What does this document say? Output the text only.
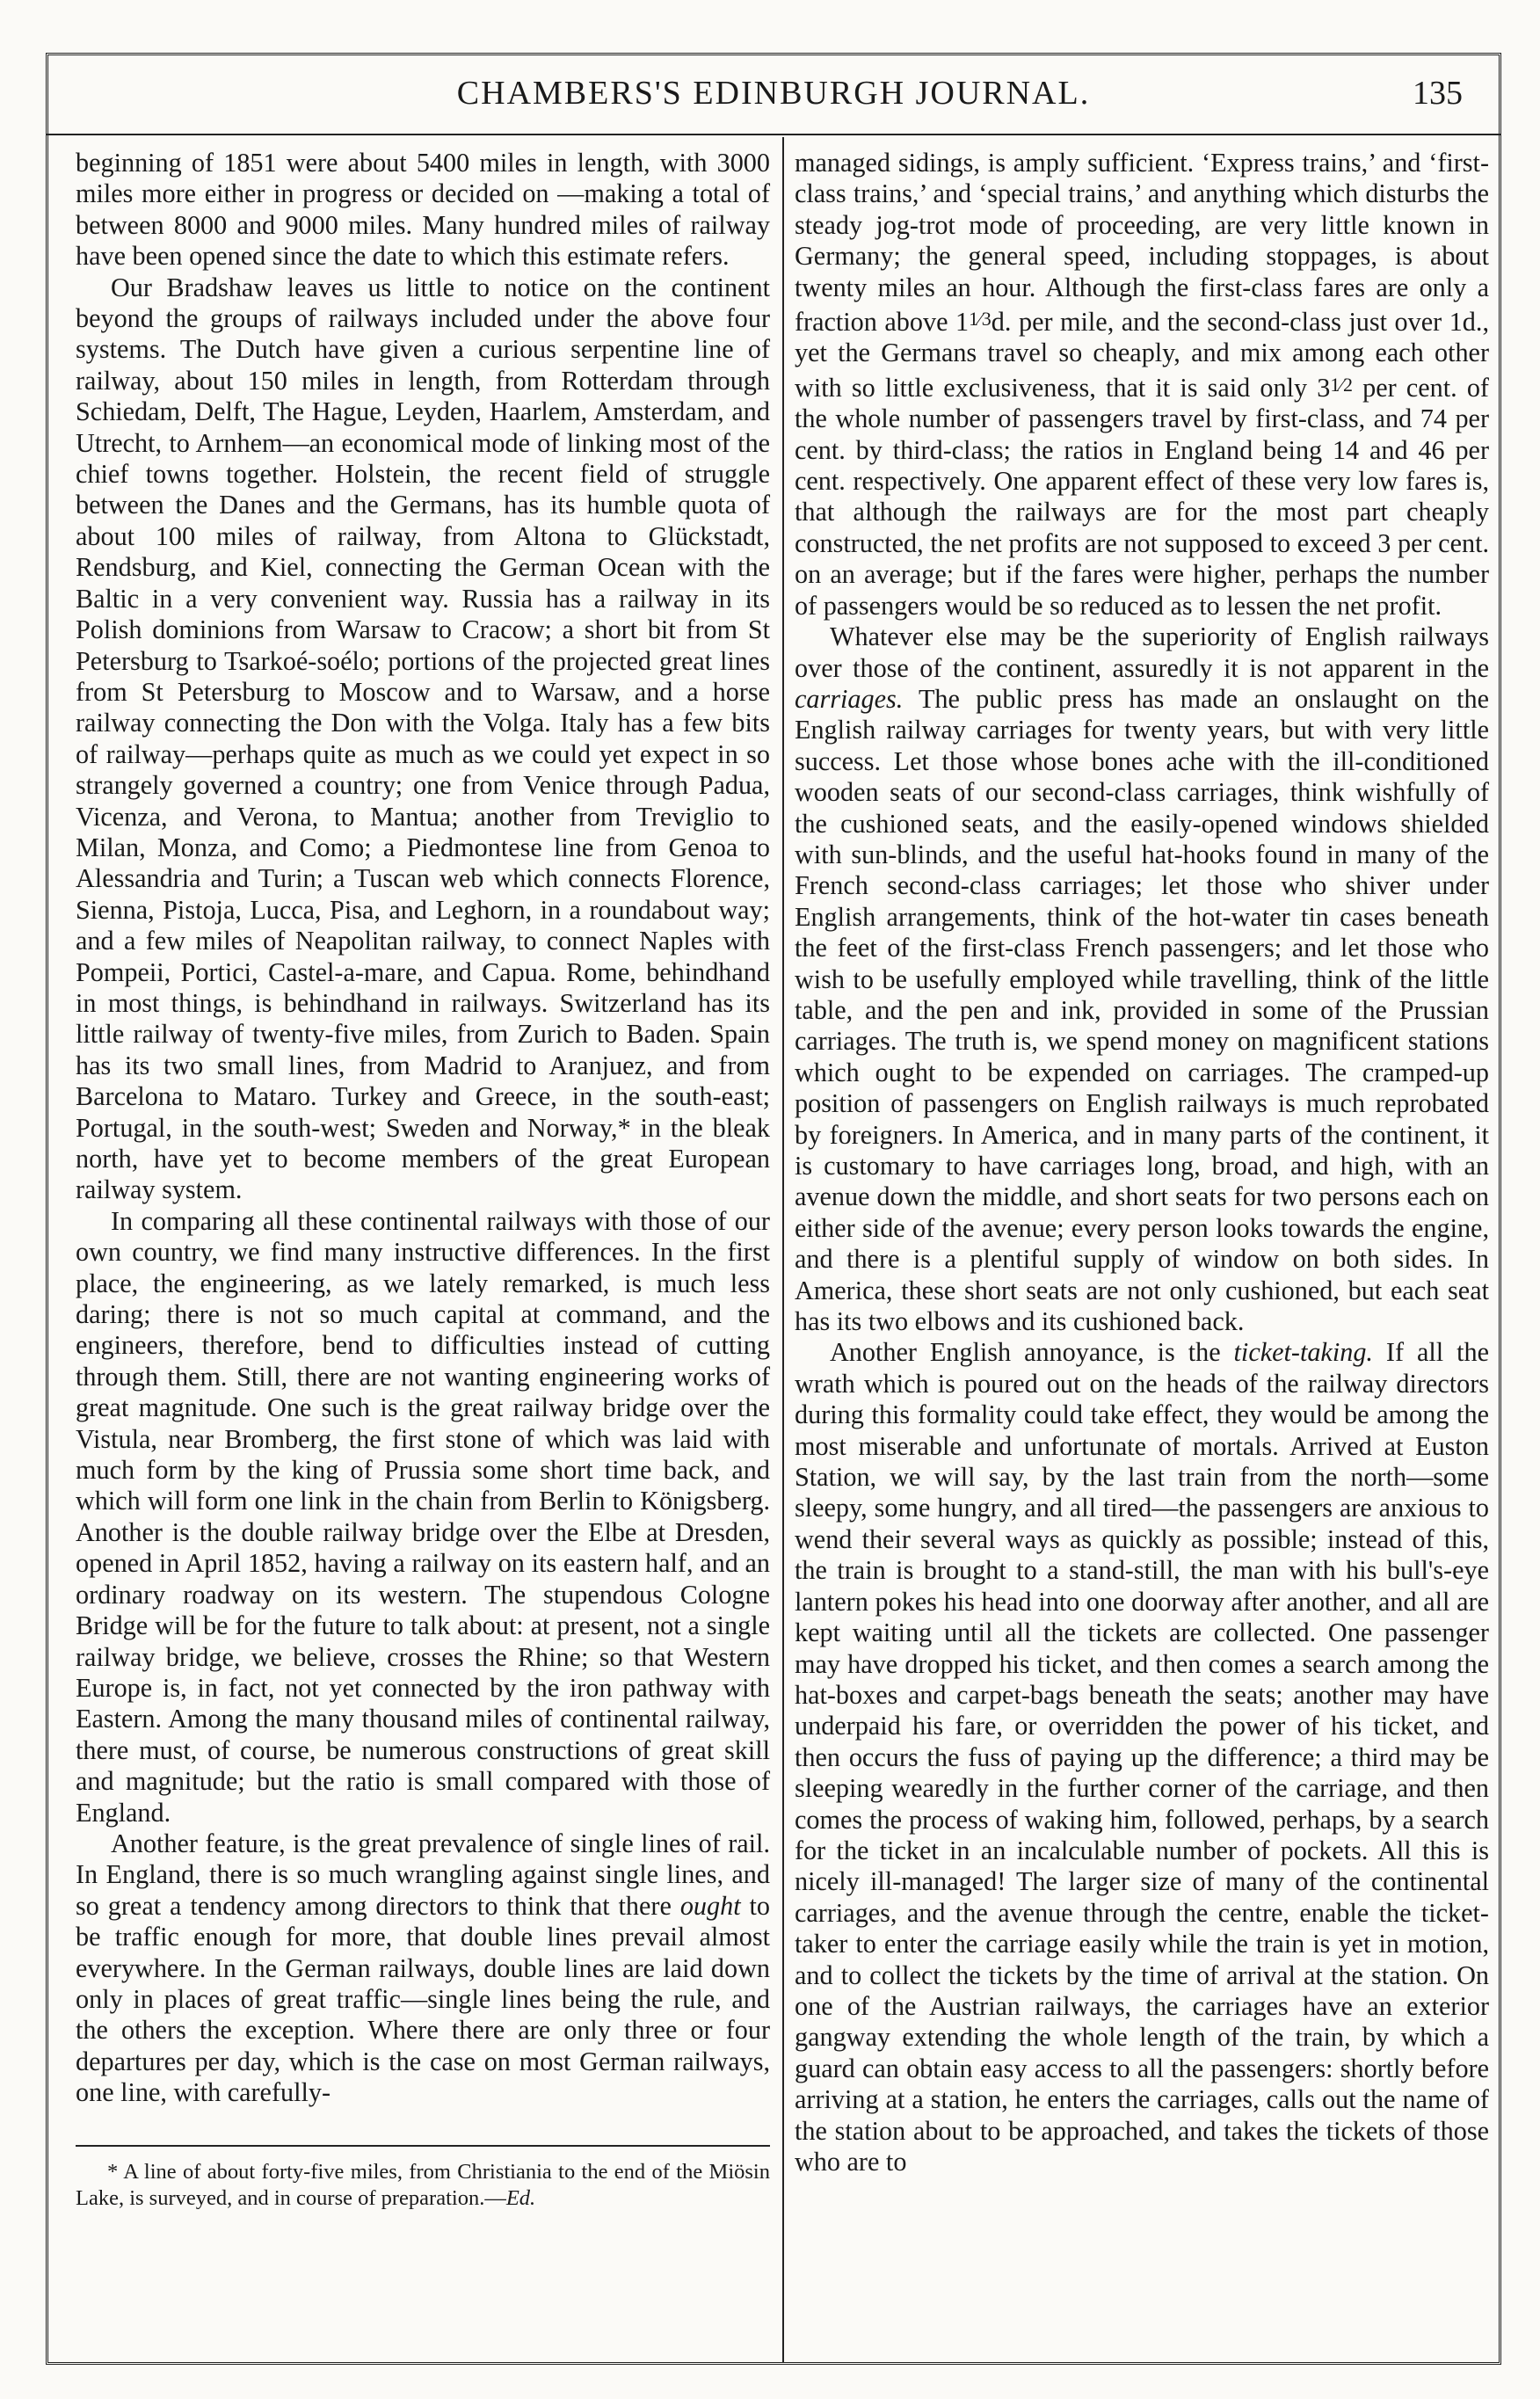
CHAMBERS'S EDINBURGH JOURNAL.	135

beginning of 1851 were about 5400 miles in length, with 3000 miles more either in progress or decided on —making a total of between 8000 and 9000 miles. Many hundred miles of railway have been opened since the date to which this estimate refers.

Our Bradshaw leaves us little to notice on the continent beyond the groups of railways included under the above four systems. The Dutch have given a curious serpentine line of railway, about 150 miles in length, from Rotterdam through Schiedam, Delft, The Hague, Leyden, Haarlem, Amsterdam, and Utrecht, to Arnhem—an economical mode of linking most of the chief towns together. Holstein, the recent field of struggle between the Danes and the Germans, has its humble quota of about 100 miles of railway, from Altona to Glückstadt, Rendsburg, and Kiel, connecting the German Ocean with the Baltic in a very convenient way. Russia has a railway in its Polish dominions from Warsaw to Cracow; a short bit from St Petersburg to Tsarkoé-soélo; portions of the projected great lines from St Petersburg to Moscow and to Warsaw, and a horse railway connecting the Don with the Volga. Italy has a few bits of railway—perhaps quite as much as we could yet expect in so strangely governed a country; one from Venice through Padua, Vicenza, and Verona, to Mantua; another from Treviglio to Milan, Monza, and Como; a Piedmontese line from Genoa to Alessandria and Turin; a Tuscan web which connects Florence, Sienna, Pistoja, Lucca, Pisa, and Leghorn, in a roundabout way; and a few miles of Neapolitan railway, to connect Naples with Pompeii, Portici, Castel-a-mare, and Capua. Rome, behindhand in most things, is behindhand in railways. Switzerland has its little railway of twenty-five miles, from Zurich to Baden. Spain has its two small lines, from Madrid to Aranjuez, and from Barcelona to Mataro. Turkey and Greece, in the south-east; Portugal, in the south-west; Sweden and Norway,* in the bleak north, have yet to become members of the great European railway system.

In comparing all these continental railways with those of our own country, we find many instructive differences. In the first place, the engineering, as we lately remarked, is much less daring; there is not so much capital at command, and the engineers, therefore, bend to difficulties instead of cutting through them. Still, there are not wanting engineering works of great magnitude. One such is the great railway bridge over the Vistula, near Bromberg, the first stone of which was laid with much form by the king of Prussia some short time back, and which will form one link in the chain from Berlin to Königsberg. Another is the double railway bridge over the Elbe at Dresden, opened in April 1852, having a railway on its eastern half, and an ordinary roadway on its western. The stupendous Cologne Bridge will be for the future to talk about: at present, not a single railway bridge, we believe, crosses the Rhine; so that Western Europe is, in fact, not yet connected by the iron pathway with Eastern. Among the many thousand miles of continental railway, there must, of course, be numerous constructions of great skill and magnitude; but the ratio is small compared with those of England.

Another feature, is the great prevalence of single lines of rail. In England, there is so much wrangling against single lines, and so great a tendency among directors to think that there ought to be traffic enough for more, that double lines prevail almost everywhere. In the German railways, double lines are laid down only in places of great traffic—single lines being the rule, and the others the exception. Where there are only three or four departures per day, which is the case on most German railways, one line, with carefully-

* A line of about forty-five miles, from Christiania to the end of the Miösin Lake, is surveyed, and in course of preparation.—Ed.

managed sidings, is amply sufficient. ‘Express trains,’ and ‘first-class trains,’ and ‘special trains,’ and anything which disturbs the steady jog-trot mode of proceeding, are very little known in Germany; the general speed, including stoppages, is about twenty miles an hour. Although the first-class fares are only a fraction above 11⁄3d. per mile, and the second-class just over 1d., yet the Germans travel so cheaply, and mix among each other with so little exclusiveness, that it is said only 31⁄2 per cent. of the whole number of passengers travel by first-class, and 74 per cent. by third-class; the ratios in England being 14 and 46 per cent. respectively. One apparent effect of these very low fares is, that although the railways are for the most part cheaply constructed, the net profits are not supposed to exceed 3 per cent. on an average; but if the fares were higher, perhaps the number of passengers would be so reduced as to lessen the net profit.

Whatever else may be the superiority of English railways over those of the continent, assuredly it is not apparent in the carriages. The public press has made an onslaught on the English railway carriages for twenty years, but with very little success. Let those whose bones ache with the ill-conditioned wooden seats of our second-class carriages, think wishfully of the cushioned seats, and the easily-opened windows shielded with sun-blinds, and the useful hat-hooks found in many of the French second-class carriages; let those who shiver under English arrangements, think of the hot-water tin cases beneath the feet of the first-class French passengers; and let those who wish to be usefully employed while travelling, think of the little table, and the pen and ink, provided in some of the Prussian carriages. The truth is, we spend money on magnificent stations which ought to be expended on carriages. The cramped-up position of passengers on English railways is much reprobated by foreigners. In America, and in many parts of the continent, it is customary to have carriages long, broad, and high, with an avenue down the middle, and short seats for two persons each on either side of the avenue; every person looks towards the engine, and there is a plentiful supply of window on both sides. In America, these short seats are not only cushioned, but each seat has its two elbows and its cushioned back.

Another English annoyance, is the ticket-taking. If all the wrath which is poured out on the heads of the railway directors during this formality could take effect, they would be among the most miserable and unfortunate of mortals. Arrived at Euston Station, we will say, by the last train from the north—some sleepy, some hungry, and all tired—the passengers are anxious to wend their several ways as quickly as possible; instead of this, the train is brought to a stand-still, the man with his bull's-eye lantern pokes his head into one doorway after another, and all are kept waiting until all the tickets are collected. One passenger may have dropped his ticket, and then comes a search among the hat-boxes and carpet-bags beneath the seats; another may have underpaid his fare, or overridden the power of his ticket, and then occurs the fuss of paying up the difference; a third may be sleeping wearedly in the further corner of the carriage, and then comes the process of waking him, followed, perhaps, by a search for the ticket in an incalculable number of pockets. All this is nicely ill-managed! The larger size of many of the continental carriages, and the avenue through the centre, enable the ticket-taker to enter the carriage easily while the train is yet in motion, and to collect the tickets by the time of arrival at the station. On one of the Austrian railways, the carriages have an exterior gangway extending the whole length of the train, by which a guard can obtain easy access to all the passengers: shortly before arriving at a station, he enters the carriages, calls out the name of the station about to be approached, and takes the tickets of those who are to
